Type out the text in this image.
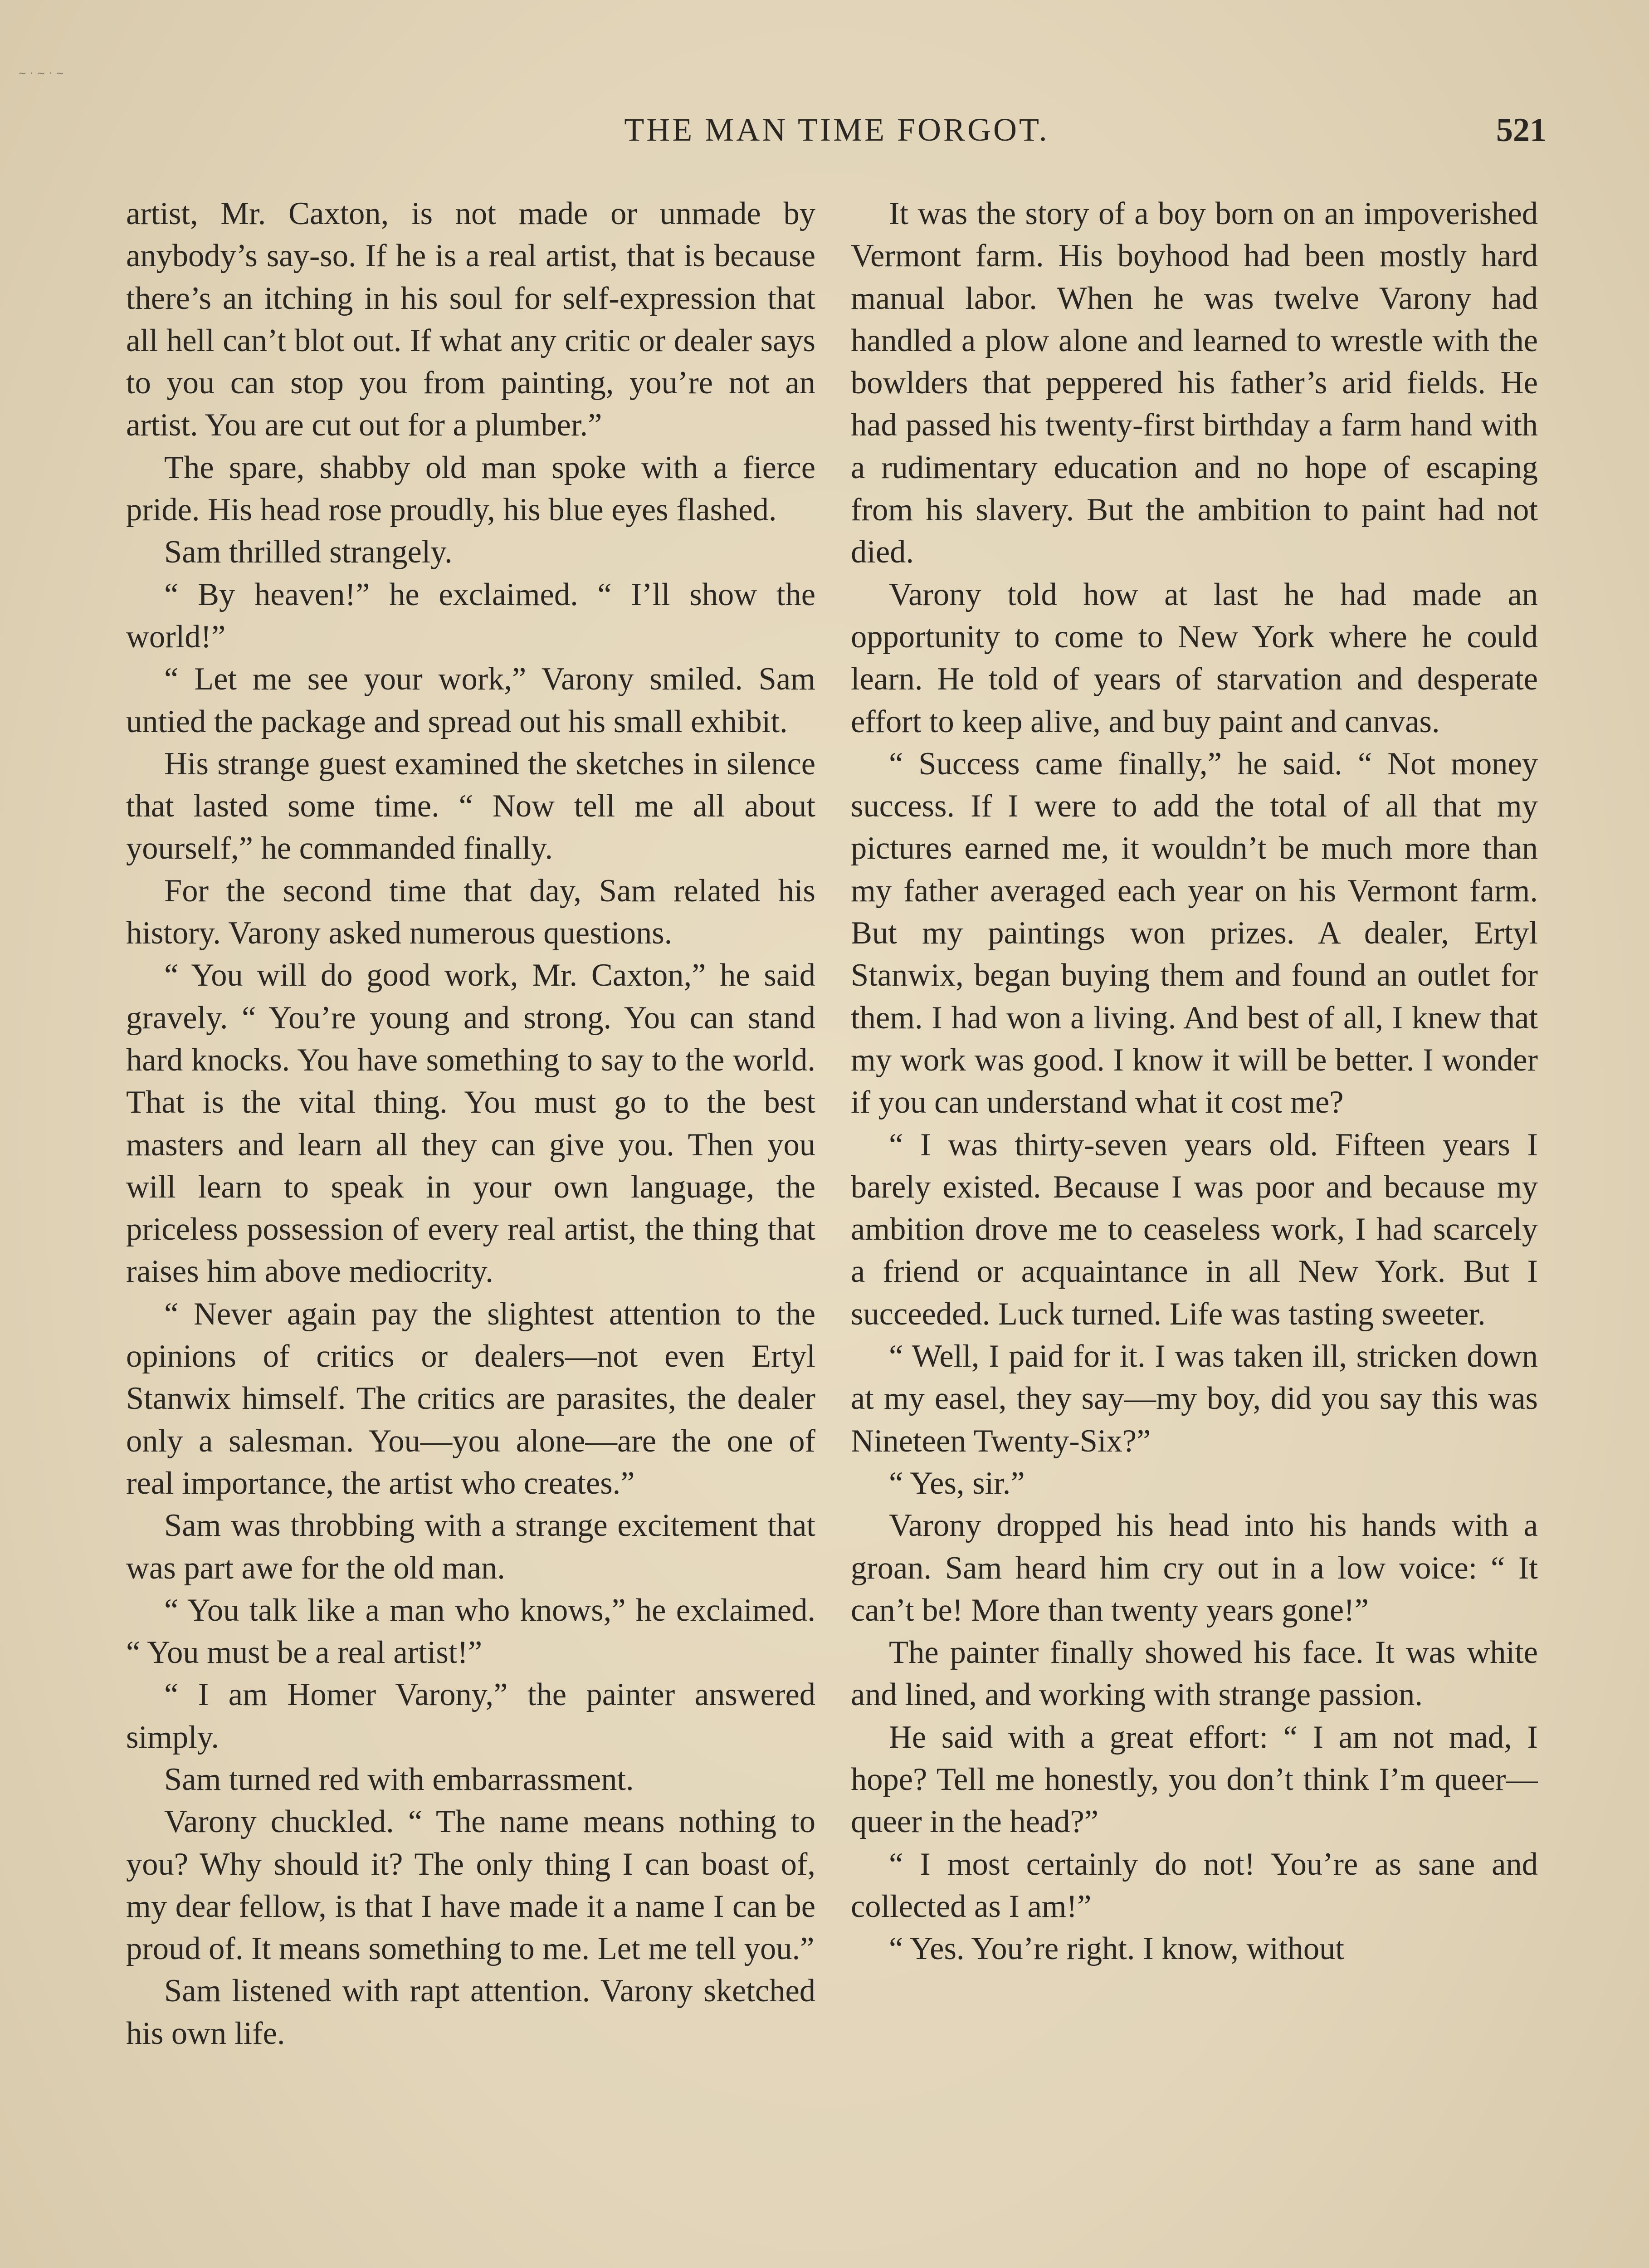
~·~·~
THE MAN TIME FORGOT.	521

artist, Mr. Caxton, is not made or unmade by anybody’s say-so. If he is a real artist, that is because there’s an itching in his soul for self-expression that all hell can’t blot out. If what any critic or dealer says to you can stop you from painting, you’re not an artist. You are cut out for a plumber.”

The spare, shabby old man spoke with a fierce pride. His head rose proudly, his blue eyes flashed.

Sam thrilled strangely.

“ By heaven!” he exclaimed. “ I’ll show the world!”

“ Let me see your work,” Varony smiled. Sam untied the package and spread out his small exhibit.

His strange guest examined the sketches in silence that lasted some time. “ Now tell me all about yourself,” he commanded finally.

For the second time that day, Sam related his history. Varony asked numerous questions.

“ You will do good work, Mr. Caxton,” he said gravely. “ You’re young and strong. You can stand hard knocks. You have something to say to the world. That is the vital thing. You must go to the best masters and learn all they can give you. Then you will learn to speak in your own language, the priceless possession of every real artist, the thing that raises him above mediocrity.

“ Never again pay the slightest attention to the opinions of critics or dealers—not even Ertyl Stanwix himself. The critics are parasites, the dealer only a salesman. You—you alone—are the one of real importance, the artist who creates.”

Sam was throbbing with a strange excitement that was part awe for the old man.

“ You talk like a man who knows,” he exclaimed. “ You must be a real artist!”

“ I am Homer Varony,” the painter answered simply.

Sam turned red with embarrassment.

Varony chuckled. “ The name means nothing to you? Why should it? The only thing I can boast of, my dear fellow, is that I have made it a name I can be proud of. It means something to me. Let me tell you.”

Sam listened with rapt attention. Varony sketched his own life.

It was the story of a boy born on an impoverished Vermont farm. His boyhood had been mostly hard manual labor. When he was twelve Varony had handled a plow alone and learned to wrestle with the bowlders that peppered his father’s arid fields. He had passed his twenty-first birthday a farm hand with a rudimentary education and no hope of escaping from his slavery. But the ambition to paint had not died.

Varony told how at last he had made an opportunity to come to New York where he could learn. He told of years of starvation and desperate effort to keep alive, and buy paint and canvas.

“ Success came finally,” he said. “ Not money success. If I were to add the total of all that my pictures earned me, it wouldn’t be much more than my father averaged each year on his Vermont farm. But my paintings won prizes. A dealer, Ertyl Stanwix, began buying them and found an outlet for them. I had won a living. And best of all, I knew that my work was good. I know it will be better. I wonder if you can understand what it cost me?

“ I was thirty-seven years old. Fifteen years I barely existed. Because I was poor and because my ambition drove me to ceaseless work, I had scarcely a friend or acquaintance in all New York. But I succeeded. Luck turned. Life was tasting sweeter.

“ Well, I paid for it. I was taken ill, stricken down at my easel, they say—my boy, did you say this was Nineteen Twenty-Six?”

“ Yes, sir.”

Varony dropped his head into his hands with a groan. Sam heard him cry out in a low voice: “ It can’t be! More than twenty years gone!”

The painter finally showed his face. It was white and lined, and working with strange passion.

He said with a great effort: “ I am not mad, I hope? Tell me honestly, you don’t think I’m queer—queer in the head?”

“ I most certainly do not! You’re as sane and collected as I am!”

“ Yes. You’re right. I know, without
